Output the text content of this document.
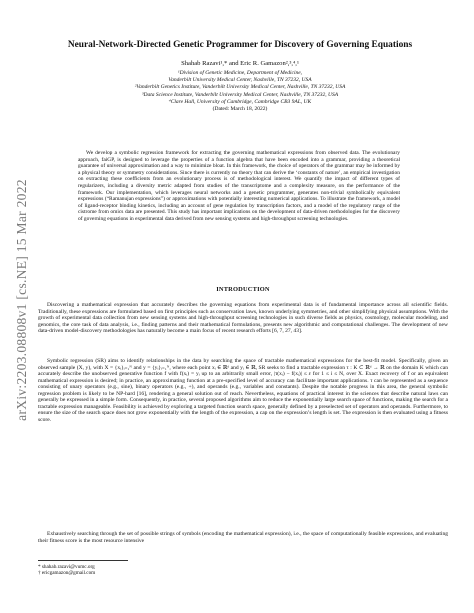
arXiv:2203.08808v1 [cs.NE] 15 Mar 2022
Neural-Network-Directed Genetic Programmer for Discovery of Governing Equations
Shahab Razavi¹,* and Eric R. Gamazon²,³,⁴,¹
¹Division of Genetic Medicine, Department of Medicine,
Vanderbilt University Medical Center, Nashville, TN 37232, USA
²Vanderbilt Genetics Institute, Vanderbilt University Medical Center, Nashville, TN 37232, USA
³Data Science Institute, Vanderbilt University Medical Center, Nashville, TN 37232, USA
⁴Clare Hall, University of Cambridge, Cambridge CB3 9AL, UK
(Dated: March 18, 2022)
We develop a symbolic regression framework for extracting the governing mathematical expressions from observed data. The evolutionary approach, faiGP, is designed to leverage the properties of a function algebra that have been encoded into a grammar, providing a theoretical guarantee of universal approximation and a way to minimize bloat. In this framework, the choice of operators of the grammar may be informed by a physical theory or symmetry considerations. Since there is currently no theory that can derive the ‘constants of nature’, an empirical investigation on extracting these coefficients from an evolutionary process is of methodological interest. We quantify the impact of different types of regularizers, including a diversity metric adapted from studies of the transcriptome and a complexity measure, on the performance of the framework. Our implementation, which leverages neural networks and a genetic programmer, generates non-trivial symbolically equivalent expressions (“Ramanujan expressions”) or approximations with potentially interesting numerical applications. To illustrate the framework, a model of ligand-receptor binding kinetics, including an account of gene regulation by transcription factors, and a model of the regulatory range of the cistrome from omics data are presented. This study has important implications on the development of data-driven methodologies for the discovery of governing equations in experimental data derived from new sensing systems and high-throughput screening technologies.
INTRODUCTION

Discovering a mathematical expression that accurately describes the governing equations from experimental data is of fundamental importance across all scientific fields. Traditionally, these expressions are formulated based on first principles such as conservation laws, known underlying symmetries, and other simplifying physical assumptions. With the growth of experimental data collection from new sensing systems and high-throughput screening technologies in such diverse fields as physics, cosmology, molecular modeling, and genomics, the core task of data analysis, i.e., finding patterns and their mathematical formulations, presents new algorithmic and computational challenges. The development of new data-driven model-discovery methodologies has naturally become a main focus of recent research efforts [6, 7, 27, 43].

Symbolic regression (SR) aims to identify relationships in the data by searching the space of tractable mathematical expressions for the best-fit model. Specifically, given an observed sample (X, y), with X = {xᵢ}ᵢ₌₁ᴺ and y = {yᵢ}ᵢ₌₁ᴺ, where each point xᵢ ∈ ℝᵈ and yᵢ ∈ ℝ, SR seeks to find a tractable expression τ : K ⊂ ℝᵈ → ℝ on the domain K which can accurately describe the unobserved generative function f with f(xᵢ) = yᵢ up to an arbitrarily small error, |τ(xᵢ) − f(xᵢ)| ≤ ε for 1 ≤ i ≤ N, over X. Exact recovery of f or an equivalent mathematical expression is desired; in practice, an approximating function at a pre-specified level of accuracy can facilitate important applications. τ can be represented as a sequence consisting of unary operators (e.g., sine), binary operators (e.g., +), and operands (e.g., variables and constants). Despite the notable progress in this area, the general symbolic regression problem is likely to be NP-hard [16], rendering a general solution out of reach. Nevertheless, equations of practical interest in the sciences that describe natural laws can generally be expressed in a simple form. Consequently, in practice, several proposed algorithms aim to reduce the exponentially large search space of functions, making the search for a tractable expression manageable. Feasibility is achieved by exploring a targeted function search space, generally defined by a preselected set of operators and operands. Furthermore, to ensure the size of the search space does not grow exponentially with the length of the expression, a cap on the expression’s length is set. The expression is then evaluated using a fitness score.

Exhaustively searching through the set of possible strings of symbols (encoding the mathematical expression), i.e., the space of computationally feasible expressions, and evaluating their fitness score is the most resource intensive

* shahab.razavi@vumc.org
† ericgamazon@gmail.com
